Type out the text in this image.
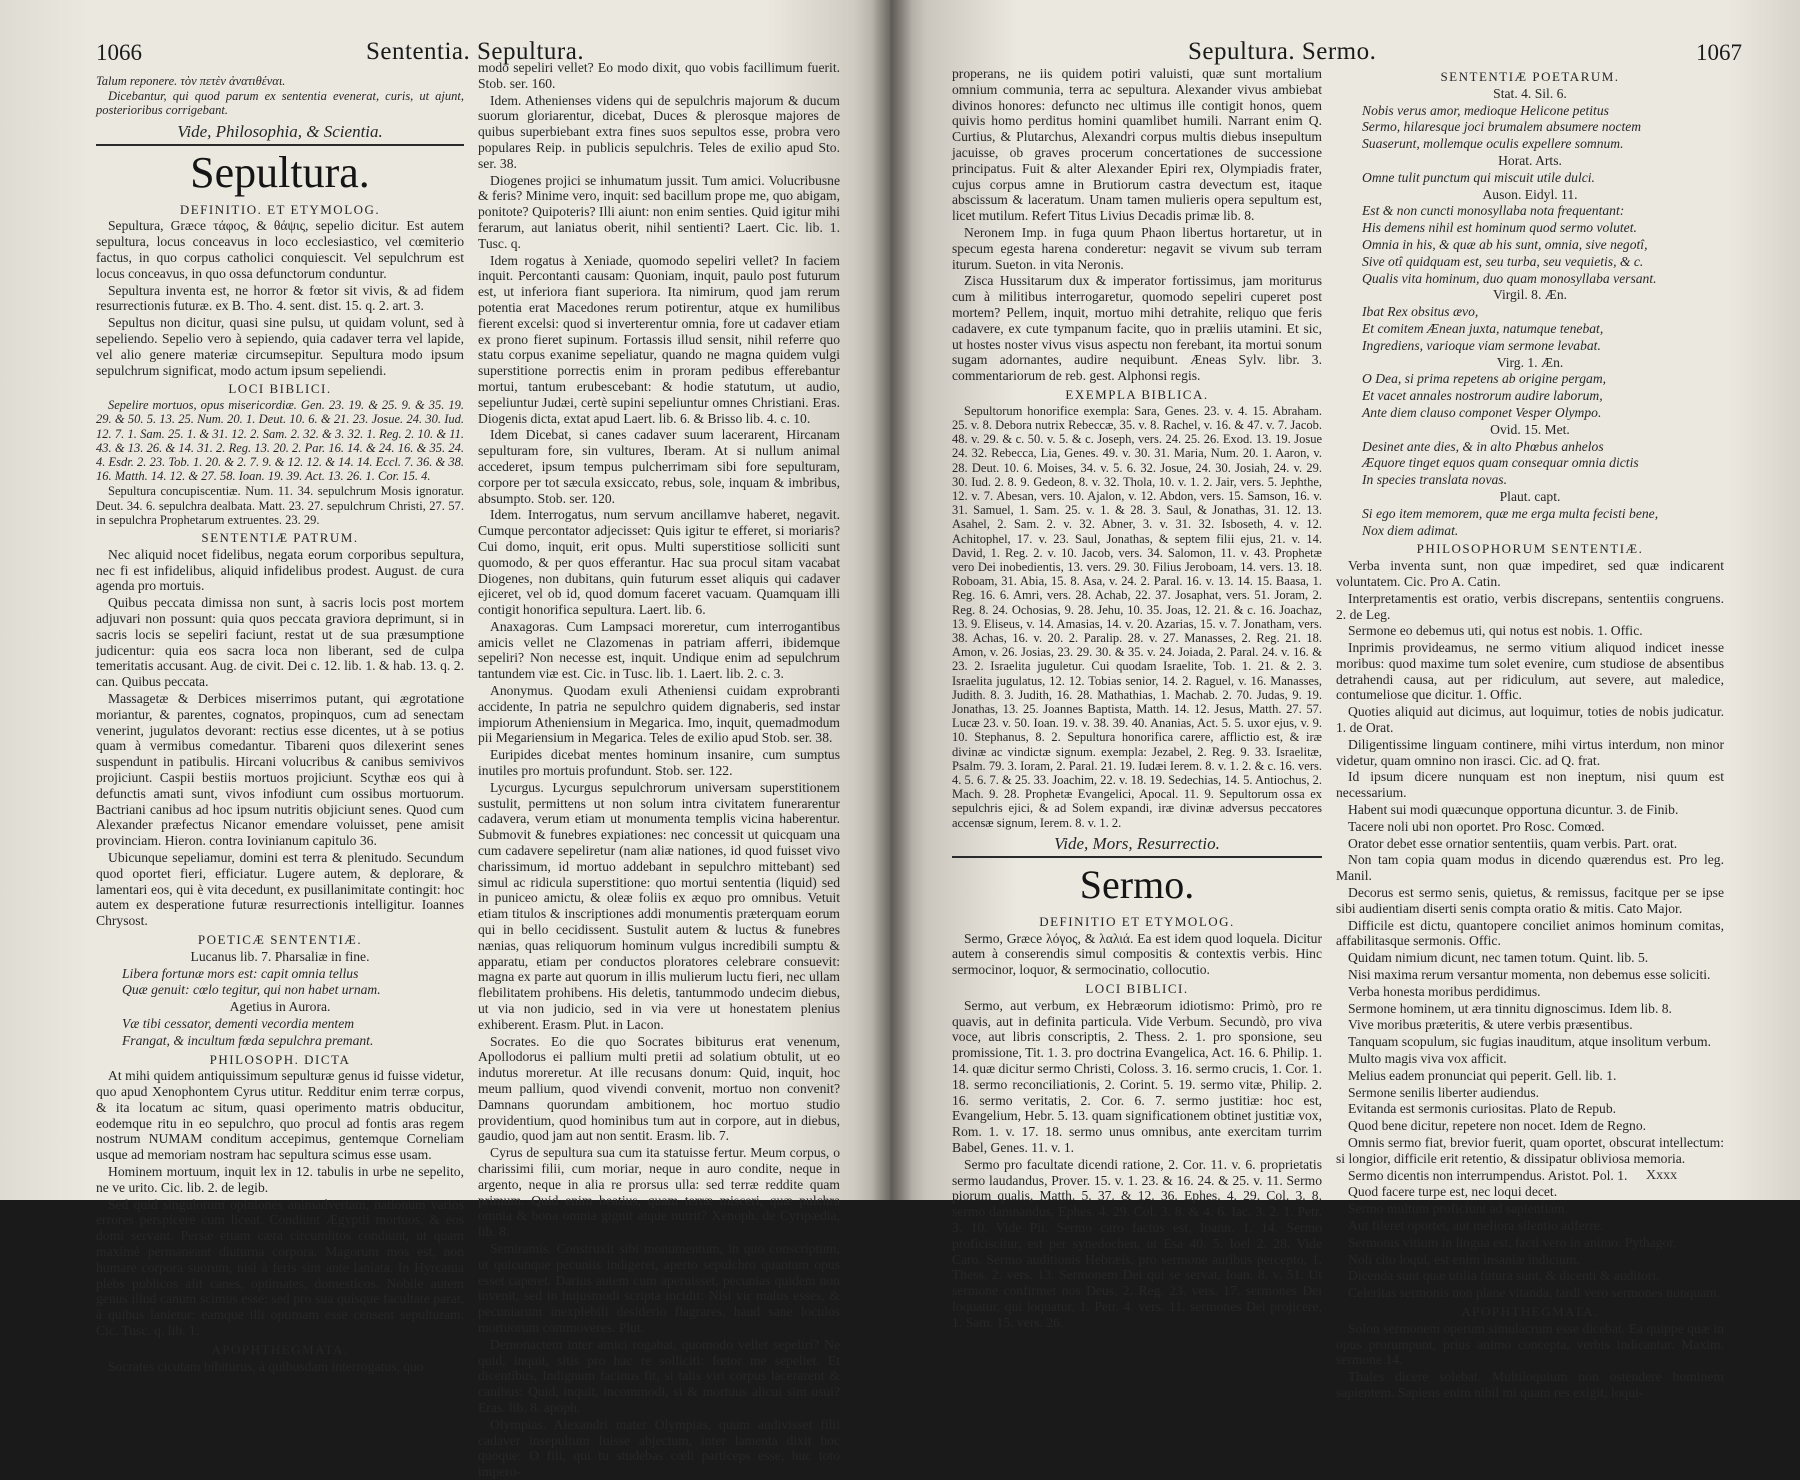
1066	Sententia. Sepultura.

Talum reponere. τὸν πετὲν ἀνατιθέναι.

Dicebantur, qui quod parum ex sententia evenerat, curis, ut ajunt, posterioribus corrigebant.

Vide, Philosophia, & Scientia.
Sepultura.
DEFINITIO. ET ETYMOLOG.

Sepultura, Græce τάφος, & θάψις, sepelio dicitur. Est autem sepultura, locus conceavus in loco ecclesiastico, vel cœmiterio factus, in quo corpus catholici conquiescit. Vel sepulchrum est locus conceavus, in quo ossa defunctorum conduntur.

Sepultura inventa est, ne horror & fœtor sit vivis, & ad fidem resurrectionis futuræ. ex B. Tho. 4. sent. dist. 15. q. 2. art. 3.

Sepultus non dicitur, quasi sine pulsu, ut quidam volunt, sed à sepeliendo. Sepelio vero à sepiendo, quia cadaver terra vel lapide, vel alio genere materiæ circumsepitur. Sepultura modo ipsum sepulchrum significat, modo actum ipsum sepeliendi.

LOCI BIBLICI.

Sepelire mortuos, opus misericordiæ. Gen. 23. 19. & 25. 9. & 35. 19. 29. & 50. 5. 13. 25. Num. 20. 1. Deut. 10. 6. & 21. 23. Josue. 24. 30. Iud. 12. 7. 1. Sam. 25. 1. & 31. 12. 2. Sam. 2. 32. & 3. 32. 1. Reg. 2. 10. & 11. 43. & 13. 26. & 14. 31. 2. Reg. 13. 20. 2. Par. 16. 14. & 24. 16. & 35. 24. 4. Esdr. 2. 23. Tob. 1. 20. & 2. 7. 9. & 12. 12. & 14. 14. Eccl. 7. 36. & 38. 16. Matth. 14. 12. & 27. 58. Ioan. 19. 39. Act. 13. 26. 1. Cor. 15. 4.

Sepultura concupiscentiæ. Num. 11. 34. sepulchrum Mosis ignoratur. Deut. 34. 6. sepulchra dealbata. Matt. 23. 27. sepulchrum Christi, 27. 57. in sepulchra Prophetarum extruentes. 23. 29.

SENTENTIÆ PATRUM.

Nec aliquid nocet fidelibus, negata eorum corporibus sepultura, nec fi est infidelibus, aliquid infidelibus prodest. August. de cura agenda pro mortuis.

Quibus peccata dimissa non sunt, à sacris locis post mortem adjuvari non possunt: quia quos peccata graviora deprimunt, si in sacris locis se sepeliri faciunt, restat ut de sua præsumptione judicentur: quia eos sacra loca non liberant, sed de culpa temeritatis accusant. Aug. de civit. Dei c. 12. lib. 1. & hab. 13. q. 2. can. Quibus peccata.

Massagetæ & Derbices miserrimos putant, qui ægrotatione moriantur, & parentes, cognatos, propinquos, cum ad senectam venerint, jugulatos devorant: rectius esse dicentes, ut à se potius quam à vermibus comedantur. Tibareni quos dilexerint senes suspendunt in patibulis. Hircani volucribus & canibus semivivos projiciunt. Caspii bestiis mortuos projiciunt. Scythæ eos qui à defunctis amati sunt, vivos infodiunt cum ossibus mortuorum. Bactriani canibus ad hoc ipsum nutritis objiciunt senes. Quod cum Alexander præfectus Nicanor emendare voluisset, pene amisit provinciam. Hieron. contra Iovinianum capitulo 36.

Ubicunque sepeliamur, domini est terra & plenitudo. Secundum quod oportet fieri, efficiatur. Lugere autem, & deplorare, & lamentari eos, qui è vita decedunt, ex pusillanimitate contingit: hoc autem ex desperatione futuræ resurrectionis intelligitur. Ioannes Chrysost.

POETICÆ SENTENTIÆ.

Lucanus lib. 7. Pharsaliæ in fine.

Libera fortunæ mors est: capit omnia tellus

Quæ genuit: cœlo tegitur, qui non habet urnam.

Agetius in Aurora.

Væ tibi cessator, dementi vecordia mentem

Frangat, & incultum fœda sepulchra premant.

PHILOSOPH. DICTA

At mihi quidem antiquissimum sepulturæ genus id fuisse videtur, quo apud Xenophontem Cyrus utitur. Redditur enim terræ corpus, & ita locatum ac situm, quasi operimento matris obducitur, eodemque ritu in eo sepulchro, quo procul ad fontis aras regem nostrum NUMAM conditum accepimus, gentemque Corneliam usque ad memoriam nostram hac sepultura scimus esse usam.

Hominem mortuum, inquit lex in 12. tabulis in urbe ne sepelito, ne ve urito. Cic. lib. 2. de legib.

Sed quid singulorum opiniones animadvertam, nationum varios errores perspicere cum liceat. Condiunt Ægyptii mortuos, & eos domi servant. Persæ etiam cæra circumlitos condiunt, ut quam maximè permaneant diuturna corpora. Magorum mos est, non humare corpora suorum, nisi à feris sint ante laniata. In Hyrcania plebs publicos alit canes, optimates, domesticos. Nobile autem genus illud canum scimus esse: sed pro sua quisque facultate parat, à quibus lanietur: eamque illi optimam esse censent sepulturam. Cic. Tusc. q. lib. 1.

APOPHTHEGMATA.

Socrates cicutam bibiturus, à quibusdam interrogatus, quo

modo sepeliri vellet? Eo modo dixit, quo vobis facillimum fuerit. Stob. ser. 160.

Idem. Athenienses videns qui de sepulchris majorum & ducum suorum gloriarentur, dicebat, Duces & plerosque majores de quibus superbiebant extra fines suos sepultos esse, probra vero populares Reip. in publicis sepulchris. Teles de exilio apud Sto. ser. 38.

Diogenes projici se inhumatum jussit. Tum amici. Volucribusne & feris? Minime vero, inquit: sed bacillum prope me, quo abigam, ponitote? Quipoteris? Illi aiunt: non enim senties. Quid igitur mihi ferarum, aut laniatus oberit, nihil sentienti? Laert. Cic. lib. 1. Tusc. q.

Idem rogatus à Xeniade, quomodo sepeliri vellet? In faciem inquit. Percontanti causam: Quoniam, inquit, paulo post futurum est, ut inferiora fiant superiora. Ita nimirum, quod jam rerum potentia erat Macedones rerum potirentur, atque ex humilibus fierent excelsi: quod si inverterentur omnia, fore ut cadaver etiam ex prono fieret supinum. Fortassis illud sensit, nihil referre quo statu corpus exanime sepeliatur, quando ne magna quidem vulgi superstitione porrectis enim in proram pedibus efferebantur mortui, tantum erubescebant: & hodie statutum, ut audio, sepeliuntur Judæi, certè supini sepeliuntur omnes Christiani. Eras. Diogenis dicta, extat apud Laert. lib. 6. & Brisso lib. 4. c. 10.

Idem Dicebat, si canes cadaver suum lacerarent, Hircanam sepulturam fore, sin vultures, Iberam. At si nullum animal accederet, ipsum tempus pulcherrimam sibi fore sepulturam, corpore per tot sæcula exsiccato, rebus, sole, inquam & imbribus, absumpto. Stob. ser. 120.

Idem. Interrogatus, num servum ancillamve haberet, negavit. Cumque percontator adjecisset: Quis igitur te efferet, si moriaris? Cui domo, inquit, erit opus. Multi superstitiose solliciti sunt quomodo, & per quos efferantur. Hac sua procul sitam vacabat Diogenes, non dubitans, quin futurum esset aliquis qui cadaver ejiceret, vel ob id, quod domum faceret vacuam. Quamquam illi contigit honorifica sepultura. Laert. lib. 6.

Anaxagoras. Cum Lampsaci moreretur, cum interrogantibus amicis vellet ne Clazomenas in patriam afferri, ibidemque sepeliri? Non necesse est, inquit. Undique enim ad sepulchrum tantundem viæ est. Cic. in Tusc. lib. 1. Laert. lib. 2. c. 3.

Anonymus. Quodam exuli Atheniensi cuidam exprobranti accidente, In patria ne sepulchro quidem dignaberis, sed instar impiorum Atheniensium in Megarica. Imo, inquit, quemadmodum pii Megariensium in Megarica. Teles de exilio apud Stob. ser. 38.

Euripides dicebat mentes hominum insanire, cum sumptus inutiles pro mortuis profundunt. Stob. ser. 122.

Lycurgus. Lycurgus sepulchrorum universam superstitionem sustulit, permittens ut non solum intra civitatem funerarentur cadavera, verum etiam ut monumenta templis vicina haberentur. Submovit & funebres expiationes: nec concessit ut quicquam una cum cadavere sepeliretur (nam aliæ nationes, id quod fuisset vivo charissimum, id mortuo addebant in sepulchro mittebant) sed simul ac ridicula superstitione: quo mortui sententia (liquid) sed in puniceo amictu, & oleæ foliis ex æquo pro omnibus. Vetuit etiam titulos & inscriptiones addi monumentis præterquam eorum qui in bello cecidissent. Sustulit autem & luctus & funebres nænias, quas reliquorum hominum vulgus incredibili sumptu & apparatu, etiam per conductos ploratores celebrare consuevit: magna ex parte aut quorum in illis mulierum luctu fieri, nec ullam flebilitatem prohibens. His deletis, tantummodo undecim diebus, ut via non judicio, sed in via vere ut honestatem plenius exhiberent. Erasm. Plut. in Lacon.

Socrates. Eo die quo Socrates bibiturus erat venenum, Apollodorus ei pallium multi pretii ad solatium obtulit, ut eo indutus moreretur. At ille recusans donum: Quid, inquit, hoc meum pallium, quod vivendi convenit, mortuo non convenit? Damnans quorundam ambitionem, hoc mortuo studio providentium, quod hominibus tum aut in corpore, aut in diebus, gaudio, quod jam aut non sentit. Erasm. lib. 7.

Cyrus de sepultura sua cum ita statuisse fertur. Meum corpus, o charissimi filii, cum moriar, neque in auro condite, neque in argento, neque in alia re prorsus ulla: sed terræ reddite quam primum. Quid enim beatius, quam terræ misceri, quæ pulchra omnia & bona omnia gignit atque nutrit? Xenoph. de Cyripædia, lib. 8.

Semiramis. Construxit sibi monumentum, in quo conscriptum, ut quicunque pecuniis indigeret, aperto sepulchro quantum opus esset caperet. Darius autem cum aperuisset, pecunias quidem non invenit, sed in hujusmodi scripta incidit: Nisi vir malus esses, & pecuniarum inexplebili desiderio flagrares, haud sane loculos mortuorum commoveres. Plut.

Demonactem inter amici rogabat, quomodo vellet sepeliri? Ne quid, inquit, sitis pro hac re solliciti: fœtor me sepeliet. Et dicentibus, Indignum facinus fit, si talis viri corpus lacerarent & canibus: Quid, inquit, incommodi, si & mortuus alicui sim usui? Eras. lib. 8. apoph.

Olympias. Alexandri mater Olympias, quum audivisset filii cadaver insepultum fuisse abjectum, inter lamenta dixit hoc quoque: O fili, qui tu studebas cœli particeps esse, huc toto impero-

Sepultura. Sermo.	1067

properans, ne iis quidem potiri valuisti, quæ sunt mortalium omnium communia, terra ac sepultura. Alexander vivus ambiebat divinos honores: defuncto nec ultimus ille contigit honos, quem quivis homo perditus homini quamlibet humili. Narrant enim Q. Curtius, & Plutarchus, Alexandri corpus multis diebus insepultum jacuisse, ob graves procerum concertationes de successione principatus. Fuit & alter Alexander Epiri rex, Olympiadis frater, cujus corpus amne in Brutiorum castra devectum est, itaque abscissum & laceratum. Unam tamen mulieris opera sepultum est, licet mutilum. Refert Titus Livius Decadis primæ lib. 8.

Neronem Imp. in fuga quum Phaon libertus hortaretur, ut in specum egesta harena conderetur: negavit se vivum sub terram iturum. Sueton. in vita Neronis.

Zisca Hussitarum dux & imperator fortissimus, jam moriturus cum à militibus interrogaretur, quomodo sepeliri cuperet post mortem? Pellem, inquit, mortuo mihi detrahite, reliquo que feris cadavere, ex cute tympanum facite, quo in præliis utamini. Et sic, ut hostes noster vivus visus aspectu non ferebant, ita mortui sonum sugam adornantes, audire nequibunt. Æneas Sylv. libr. 3. commentariorum de reb. gest. Alphonsi regis.

EXEMPLA BIBLICA.

Sepultorum honorifice exempla: Sara, Genes. 23. v. 4. 15. Abraham. 25. v. 8. Debora nutrix Rebeccæ, 35. v. 8. Rachel, v. 16. & 47. v. 7. Jacob. 48. v. 29. & c. 50. v. 5. & c. Joseph, vers. 24. 25. 26. Exod. 13. 19. Josue 24. 32. Rebecca, Lia, Genes. 49. v. 30. 31. Maria, Num. 20. 1. Aaron, v. 28. Deut. 10. 6. Moises, 34. v. 5. 6. 32. Josue, 24. 30. Josiah, 24. v. 29. 30. Iud. 2. 8. 9. Gedeon, 8. v. 32. Thola, 10. v. 1. 2. Jair, vers. 5. Jephthe, 12. v. 7. Abesan, vers. 10. Ajalon, v. 12. Abdon, vers. 15. Samson, 16. v. 31. Samuel, 1. Sam. 25. v. 1. & 28. 3. Saul, & Jonathas, 31. 12. 13. Asahel, 2. Sam. 2. v. 32. Abner, 3. v. 31. 32. Isboseth, 4. v. 12. Achitophel, 17. v. 23. Saul, Jonathas, & septem filii ejus, 21. v. 14. David, 1. Reg. 2. v. 10. Jacob, vers. 34. Salomon, 11. v. 43. Prophetæ vero Dei inobedientis, 13. vers. 29. 30. Filius Jeroboam, 14. vers. 13. 18. Roboam, 31. Abia, 15. 8. Asa, v. 24. 2. Paral. 16. v. 13. 14. 15. Baasa, 1. Reg. 16. 6. Amri, vers. 28. Achab, 22. 37. Josaphat, vers. 51. Joram, 2. Reg. 8. 24. Ochosias, 9. 28. Jehu, 10. 35. Joas, 12. 21. & c. 16. Joachaz, 13. 9. Eliseus, v. 14. Amasias, 14. v. 20. Azarias, 15. v. 7. Jonatham, vers. 38. Achas, 16. v. 20. 2. Paralip. 28. v. 27. Manasses, 2. Reg. 21. 18. Amon, v. 26. Josias, 23. 29. 30. & 35. v. 24. Joiada, 2. Paral. 24. v. 16. & 23. 2. Israelita juguletur. Cui quodam Israelite, Tob. 1. 21. & 2. 3. Israelita jugulatus, 12. 12. Tobias senior, 14. 2. Raguel, v. 16. Manasses, Judith. 8. 3. Judith, 16. 28. Mathathias, 1. Machab. 2. 70. Judas, 9. 19. Jonathas, 13. 25. Joannes Baptista, Matth. 14. 12. Jesus, Matth. 27. 57. Lucæ 23. v. 50. Ioan. 19. v. 38. 39. 40. Ananias, Act. 5. 5. uxor ejus, v. 9. 10. Stephanus, 8. 2. Sepultura honorifica carere, afflictio est, & iræ divinæ ac vindictæ signum. exempla: Jezabel, 2. Reg. 9. 33. Israelitæ, Psalm. 79. 3. Ioram, 2. Paral. 21. 19. Iudæi Ierem. 8. v. 1. 2. & c. 16. vers. 4. 5. 6. 7. & 25. 33. Joachim, 22. v. 18. 19. Sedechias, 14. 5. Antiochus, 2. Mach. 9. 28. Prophetæ Evangelici, Apocal. 11. 9. Sepultorum ossa ex sepulchris ejici, & ad Solem expandi, iræ divinæ adversus peccatores accensæ signum, Ierem. 8. v. 1. 2.

Vide, Mors, Resurrectio.
Sermo.
DEFINITIO ET ETYMOLOG.

Sermo, Græce λόγος, & λαλιά. Ea est idem quod loquela. Dicitur autem à conserendis simul compositis & contextis verbis. Hinc sermocinor, loquor, & sermocinatio, collocutio.

LOCI BIBLICI.

Sermo, aut verbum, ex Hebræorum idiotismo: Primò, pro re quavis, aut in definita particula. Vide Verbum. Secundò, pro viva voce, aut libris conscriptis, 2. Thess. 2. 1. pro sponsione, seu promissione, Tit. 1. 3. pro doctrina Evangelica, Act. 16. 6. Philip. 1. 14. quæ dicitur sermo Christi, Coloss. 3. 16. sermo crucis, 1. Cor. 1. 18. sermo reconciliationis, 2. Corint. 5. 19. sermo vitæ, Philip. 2. 16. sermo veritatis, 2. Cor. 6. 7. sermo justitiæ: hoc est, Evangelium, Hebr. 5. 13. quam significationem obtinet justitiæ vox, Rom. 1. v. 17. 18. sermo unus omnibus, ante exercitam turrim Babel, Genes. 11. v. 1.

Sermo pro facultate dicendi ratione, 2. Cor. 11. v. 6. proprietatis sermo laudandus, Prover. 15. v. 1. 23. & 16. 24. & 25. v. 11. Sermo piorum qualis, Matth. 5. 37. & 12. 36. Ephes. 4. 29. Col. 3. 8. sermo damnandus, Ephes. 4. 29. Col. 3. 8. & 4. 6. Iac. 3. 2. 1. Petr. 3. 10. Vide Pii. Sermo caro factus est, Ioann. 1. 14. Sermo proficiscitur, est per synedochen, ut Esa 40. 5. Ioel 2. 28. Vide Caro. Sermo auditionis Hebræis, pro sermone auribus percepto, 1. Thess. 2. vers. 13. Sermonem Dei qui se servat, Ioan. 8. v. 51. Ut sermone confirmet nos Deus, 2. Reg. 23. vers. 17. sermones Dei loquatur, qui loquatur, 1. Petr. 4. vers. 11. sermones Dei projicere, 1. Sam. 15. vers. 26.

SENTENTIÆ POETARUM.

Stat. 4. Sil. 6.

Nobis verus amor, medioque Helicone petitus

Sermo, hilaresque joci brumalem absumere noctem

Suaserunt, mollemque oculis expellere somnum.

Horat. Arts.

Omne tulit punctum qui miscuit utile dulci.

Auson. Eidyl. 11.

Est & non cuncti monosyllaba nota frequentant:

His demens nihil est hominum quod sermo volutet.

Omnia in his, & quæ ab his sunt, omnia, sive negotî,

Sive otî quidquam est, seu turba, seu vequietis, & c.

Qualis vita hominum, duo quam monosyllaba versant.

Virgil. 8. Æn.

Ibat Rex obsitus ævo,

Et comitem Ænean juxta, natumque tenebat,

Ingrediens, varioque viam sermone levabat.

Virg. 1. Æn.

O Dea, si prima repetens ab origine pergam,

Et vacet annales nostrorum audire laborum,

Ante diem clauso componet Vesper Olympo.

Ovid. 15. Met.

Desinet ante dies, & in alto Phœbus anhelos

Æquore tinget equos quam consequar omnia dictis

In species translata novas.

Plaut. capt.

Si ego item memorem, quæ me erga multa fecisti bene,

Nox diem adimat.

PHILOSOPHORUM SENTENTIÆ.

Verba inventa sunt, non quæ impediret, sed quæ indicarent voluntatem. Cic. Pro A. Catin.

Interpretamentis est oratio, verbis discrepans, sententiis congruens. 2. de Leg.

Sermone eo debemus uti, qui notus est nobis. 1. Offic.

Inprimis provideamus, ne sermo vitium aliquod indicet inesse moribus: quod maxime tum solet evenire, cum studiose de absentibus detrahendi causa, aut per ridiculum, aut severe, aut maledice, contumeliose que dicitur. 1. Offic.

Quoties aliquid aut dicimus, aut loquimur, toties de nobis judicatur. 1. de Orat.

Diligentissime linguam continere, mihi virtus interdum, non minor videtur, quam omnino non irasci. Cic. ad Q. frat.

Id ipsum dicere nunquam est non ineptum, nisi quum est necessarium.

Habent sui modi quæcunque opportuna dicuntur. 3. de Finib.

Tacere noli ubi non oportet. Pro Rosc. Comœd.

Orator debet esse ornatior sententiis, quam verbis. Part. orat.

Non tam copia quam modus in dicendo quærendus est. Pro leg. Manil.

Decorus est sermo senis, quietus, & remissus, facitque per se ipse sibi audientiam diserti senis compta oratio & mitis. Cato Major.

Difficile est dictu, quantopere conciliet animos hominum comitas, affabilitasque sermonis. Offic.

Quidam nimium dicunt, nec tamen totum. Quint. lib. 5.

Nisi maxima rerum versantur momenta, non debemus esse soliciti.

Verba honesta moribus perdidimus.

Sermone hominem, ut æra tinnitu dignoscimus. Idem lib. 8.

Vive moribus præteritis, & utere verbis præsentibus.

Tanquam scopulum, sic fugias inauditum, atque insolitum verbum.

Multo magis viva vox afficit.

Melius eadem pronunciat qui peperit. Gell. lib. 1.

Sermone senilis liberter audiendus.

Evitanda est sermonis curiositas. Plato de Repub.

Quod bene dicitur, repetere non nocet. Idem de Regno.

Omnis sermo fiat, brevior fuerit, quam oportet, obscurat intellectum: si longior, difficile erit retentio, & dissipatur obliviosa memoria.

Sermo dicentis non interrumpendus. Aristot. Pol. 1.

Quod facere turpe est, nec loqui decet.

Sermo multum proficiunt ad sapientiam.

Aut fileret oportet, aut meliora silentio adferre.

Sermonis vitium in lingua est, facti vero in animo. Pythagor.

Noli cito loqui, est enim insaniæ indicium.

Dicenda sunt quæ utilia futura sunt, & dicenti & auditori.

Celeritas sermonis non plane vitanda, tardi vero sermones nunquam.

APOPHTHEGMATA.

Solon sermonem operum simulacrum esse dicebat. Ea quippe quæ in opus prorumpunt, prius animo concepta, verbis indicantur. Maxim. sermone 14.

Thales dicere solebat. Multiloquium non ostendere hominem sapientem. Sapiens enim nihil mi quam res exigit, loqui-

Xxxx
